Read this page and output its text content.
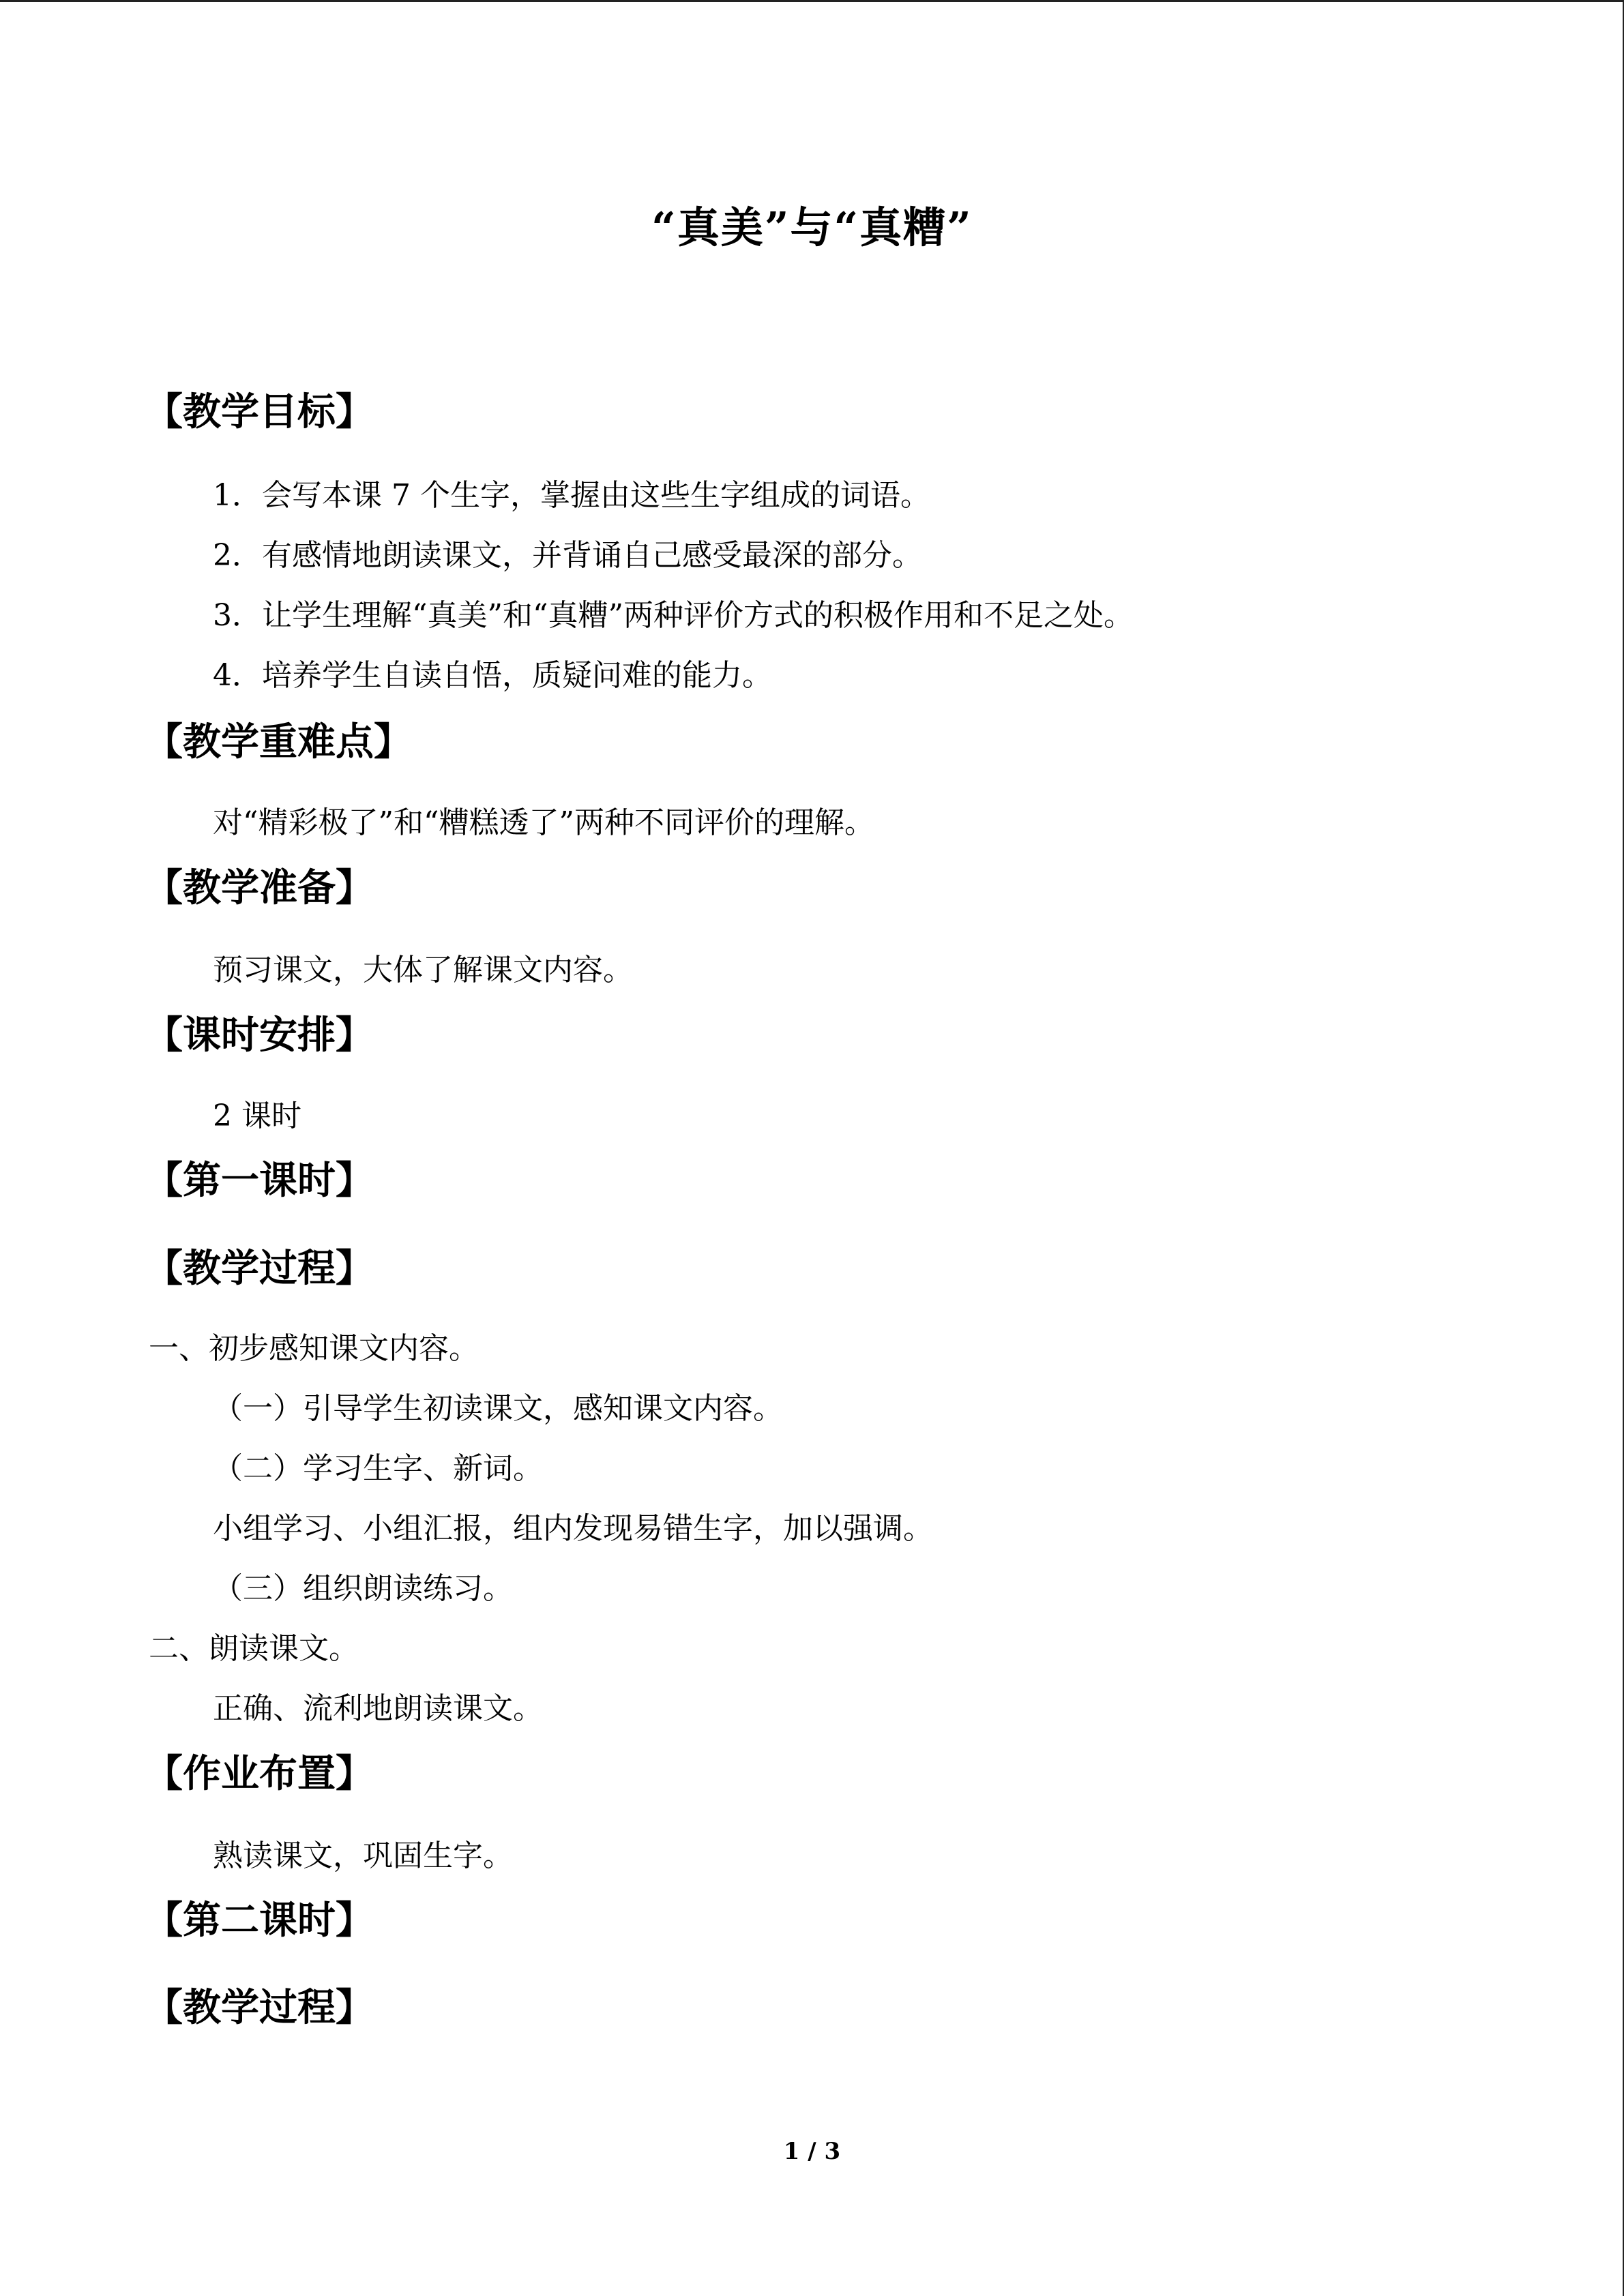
“真美”与“真糟”
【教学目标】
1．会写本课 7 个生字，掌握由这些生字组成的词语。
2．有感情地朗读课文，并背诵自己感受最深的部分。
3．让学生理解“真美”和“真糟”两种评价方式的积极作用和不足之处。
4．培养学生自读自悟，质疑问难的能力。
【教学重难点】
对“精彩极了”和“糟糕透了”两种不同评价的理解。
【教学准备】
预习课文，大体了解课文内容。
【课时安排】
2 课时
【第一课时】
【教学过程】
一、初步感知课文内容。
（一）引导学生初读课文，感知课文内容。
（二）学习生字、新词。
小组学习、小组汇报，组内发现易错生字，加以强调。
（三）组织朗读练习。
二、朗读课文。
正确、流利地朗读课文。
【作业布置】
熟读课文，巩固生字。
【第二课时】
【教学过程】
1 / 3
